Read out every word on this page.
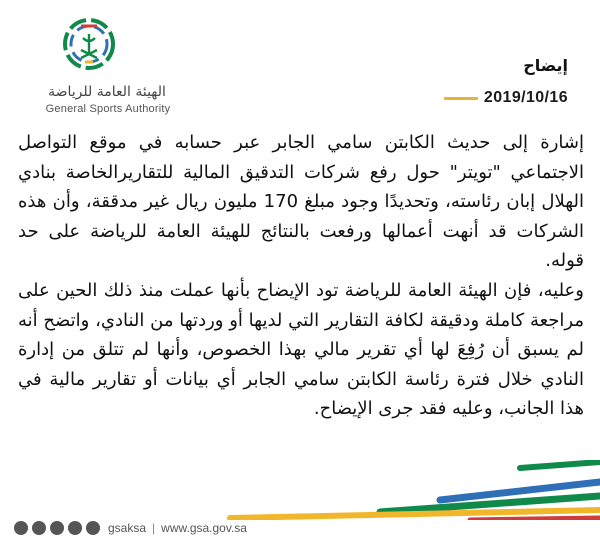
الهيئة العامة للرياضة
General Sports Authority
إيضاح
2019/10/16

إشارة إلى حديث الكابتن سامي الجابر عبر حسابه في موقع التواصل الاجتماعي "تويتر" حول رفع شركات التدقيق المالية للتقاريرالخاصة بنادي الهلال إبان رئاسته، وتحديدًا وجود مبلغ 170 مليون ريال غير مدققة، وأن هذه الشركات قد أنهت أعمالها ورفعت بالنتائج للهيئة العامة للرياضة على حد قوله.

وعليه، فإن الهيئة العامة للرياضة تود الإيضاح بأنها عملت منذ ذلك الحين على مراجعة كاملة ودقيقة لكافة التقارير التي لديها أو وردتها من النادي، واتضح أنه لم يسبق أن رُفِعَ لها أي تقرير مالي بهذا الخصوص، وأنها لم تتلق من إدارة النادي خلال فترة رئاسة الكابتن سامي الجابر أي بيانات أو تقارير مالية في هذا الجانب، وعليه فقد جرى الإيضاح.

gsaksa | www.gsa.gov.sa
